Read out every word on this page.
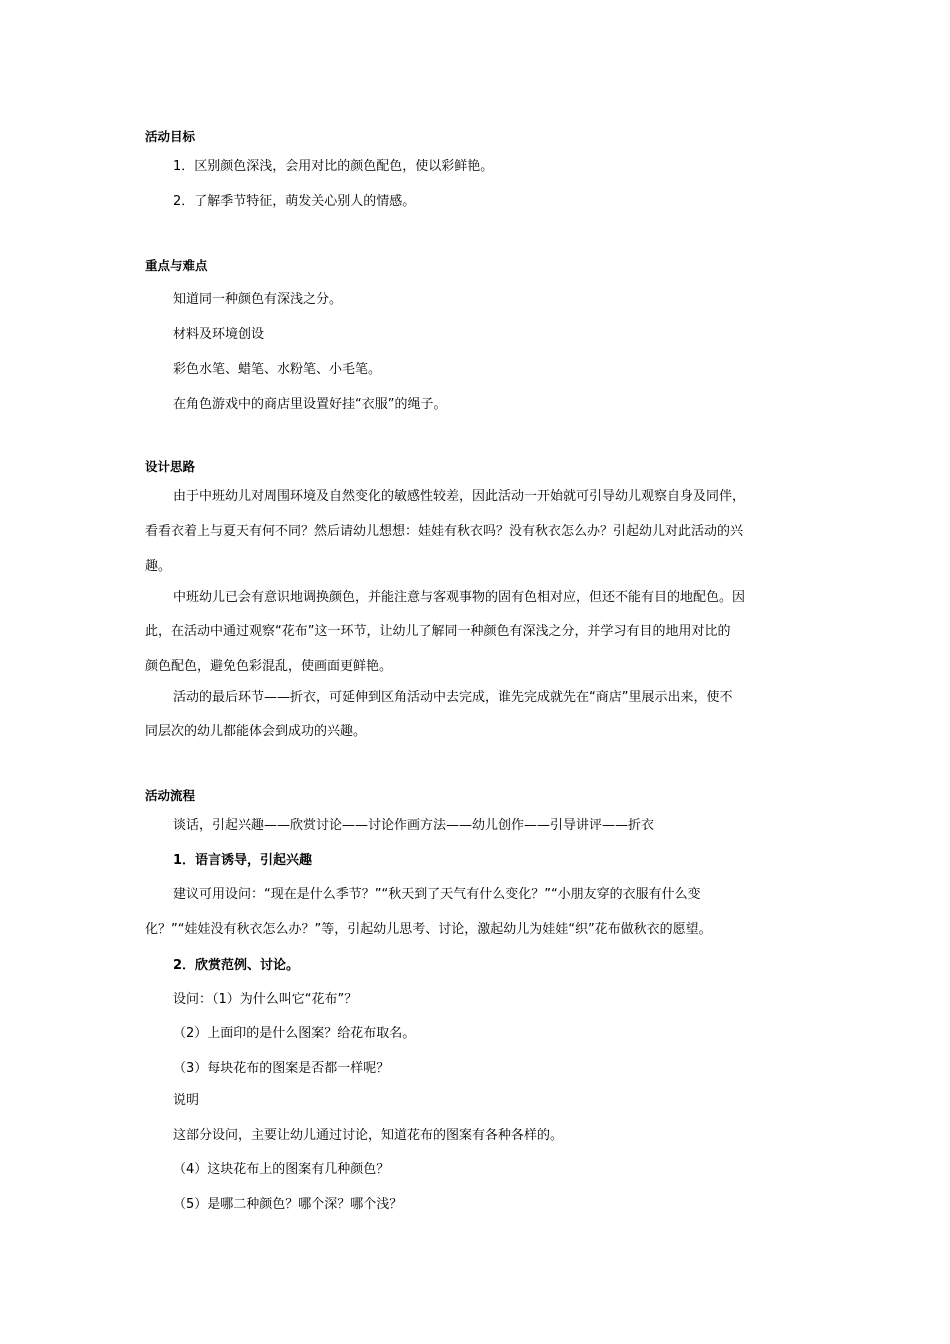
活动目标
1．区别颜色深浅，会用对比的颜色配色，使以彩鲜艳。
2．了解季节特征，萌发关心别人的情感。
重点与难点
知道同一种颜色有深浅之分。
材料及环境创设
彩色水笔、蜡笔、水粉笔、小毛笔。
在角色游戏中的商店里设置好挂“衣服”的绳子。
设计思路
由于中班幼儿对周围环境及自然变化的敏感性较差，因此活动一开始就可引导幼儿观察自身及同伴，
看看衣着上与夏天有何不同？然后请幼儿想想：娃娃有秋衣吗？没有秋衣怎么办？引起幼儿对此活动的兴
趣。
中班幼儿已会有意识地调换颜色，并能注意与客观事物的固有色相对应，但还不能有目的地配色。因
此，在活动中通过观察“花布”这一环节，让幼儿了解同一种颜色有深浅之分，并学习有目的地用对比的
颜色配色，避免色彩混乱，使画面更鲜艳。
活动的最后环节——折衣，可延伸到区角活动中去完成，谁先完成就先在“商店”里展示出来，使不
同层次的幼儿都能体会到成功的兴趣。
活动流程
谈话，引起兴趣——欣赏讨论——讨论作画方法——幼儿创作——引导讲评——折衣
1．语言诱导，引起兴趣
建议可用设问：“现在是什么季节？”“秋天到了天气有什么变化？”“小朋友穿的衣服有什么变
化？”“娃娃没有秋衣怎么办？”等，引起幼儿思考、讨论，激起幼儿为娃娃“织”花布做秋衣的愿望。
2．欣赏范例、讨论。
设问：（1）为什么叫它“花布”？
（2）上面印的是什么图案？给花布取名。
（3）每块花布的图案是否都一样呢？
说明
这部分设问，主要让幼儿通过讨论，知道花布的图案有各种各样的。
（4）这块花布上的图案有几种颜色？
（5）是哪二种颜色？哪个深？哪个浅？
